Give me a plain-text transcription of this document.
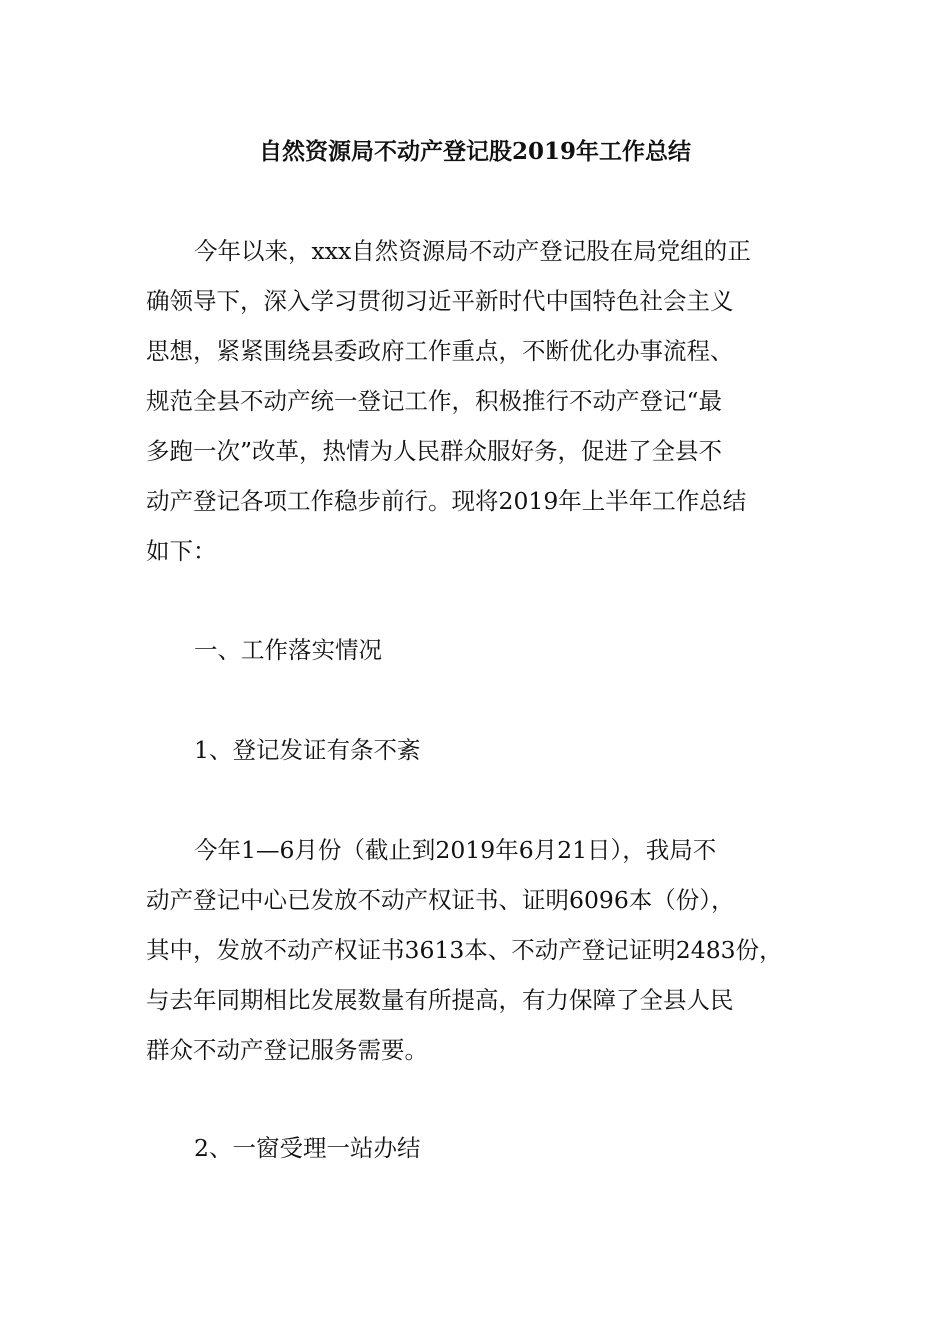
自然资源局不动产登记股2019年工作总结
今年以来，xxx自然资源局不动产登记股在局党组的正
确领导下，深入学习贯彻习近平新时代中国特色社会主义
思想，紧紧围绕县委政府工作重点，不断优化办事流程、
规范全县不动产统一登记工作，积极推行不动产登记“最
多跑一次”改革，热情为人民群众服好务，促进了全县不
动产登记各项工作稳步前行。现将2019年上半年工作总结
如下：
一、工作落实情况
1、登记发证有条不紊
今年1—6月份（截止到2019年6月21日），我局不
动产登记中心已发放不动产权证书、证明6096本（份），
其中，发放不动产权证书3613本、不动产登记证明2483份，
与去年同期相比发展数量有所提高，有力保障了全县人民
群众不动产登记服务需要。
2、一窗受理一站办结
